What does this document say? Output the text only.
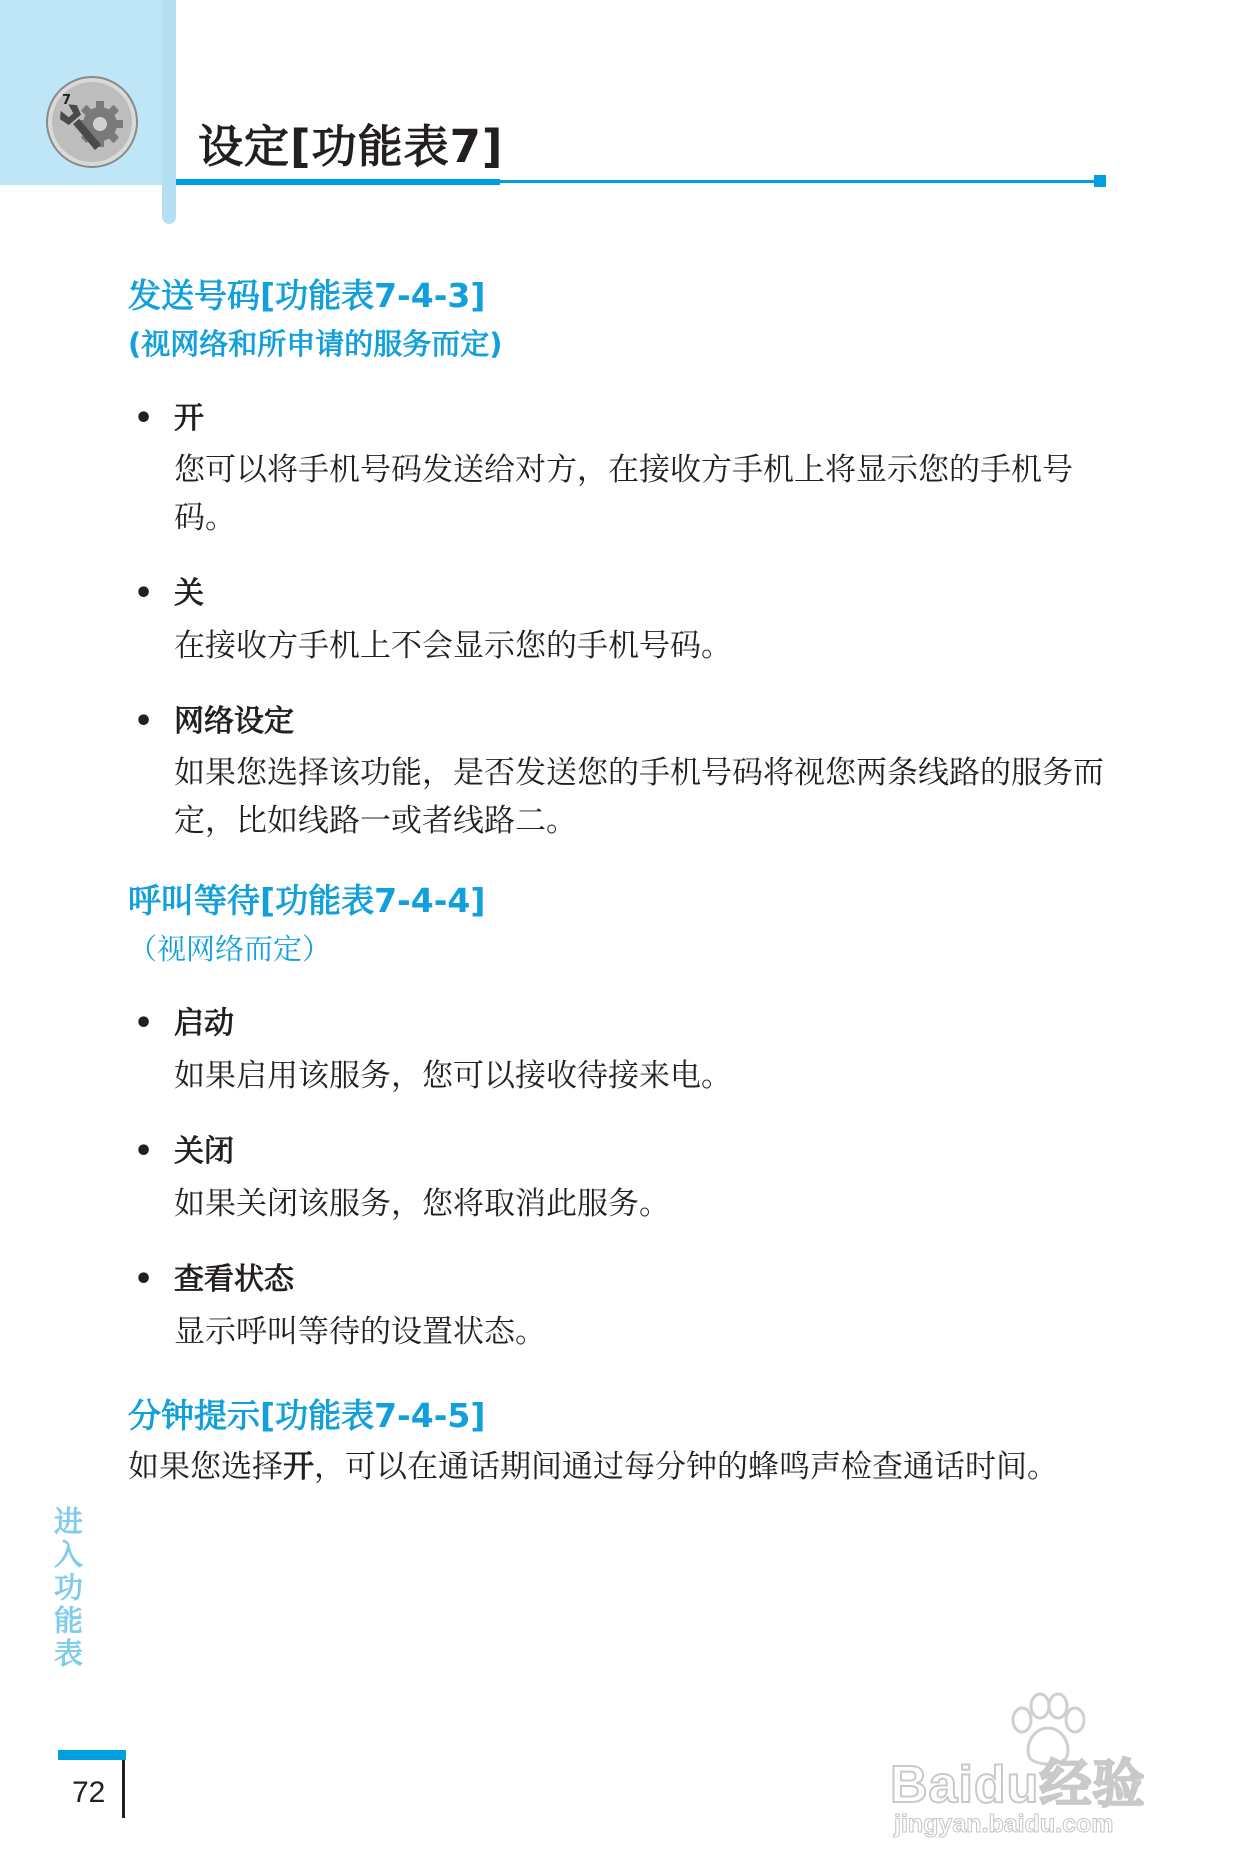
7
设定[功能表7]
发送号码[功能表7-4-3]

(视网络和所申请的服务而定)

• 开

您可以将手机号码发送给对方，在接收方手机上将显示您的手机号码。

• 关

在接收方手机上不会显示您的手机号码。

• 网络设定

如果您选择该功能，是否发送您的手机号码将视您两条线路的服务而定，比如线路一或者线路二。

呼叫等待[功能表7-4-4]

（视网络而定）

• 启动

如果启用该服务，您可以接收待接来电。

• 关闭

如果关闭该服务，您将取消此服务。

• 查看状态

显示呼叫等待的设置状态。

分钟提示[功能表7-4-5]

如果您选择开，可以在通话期间通过每分钟的蜂鸣声检查通话时间。

进入功能表
72	Baidu经验
jingyan.baidu.com
